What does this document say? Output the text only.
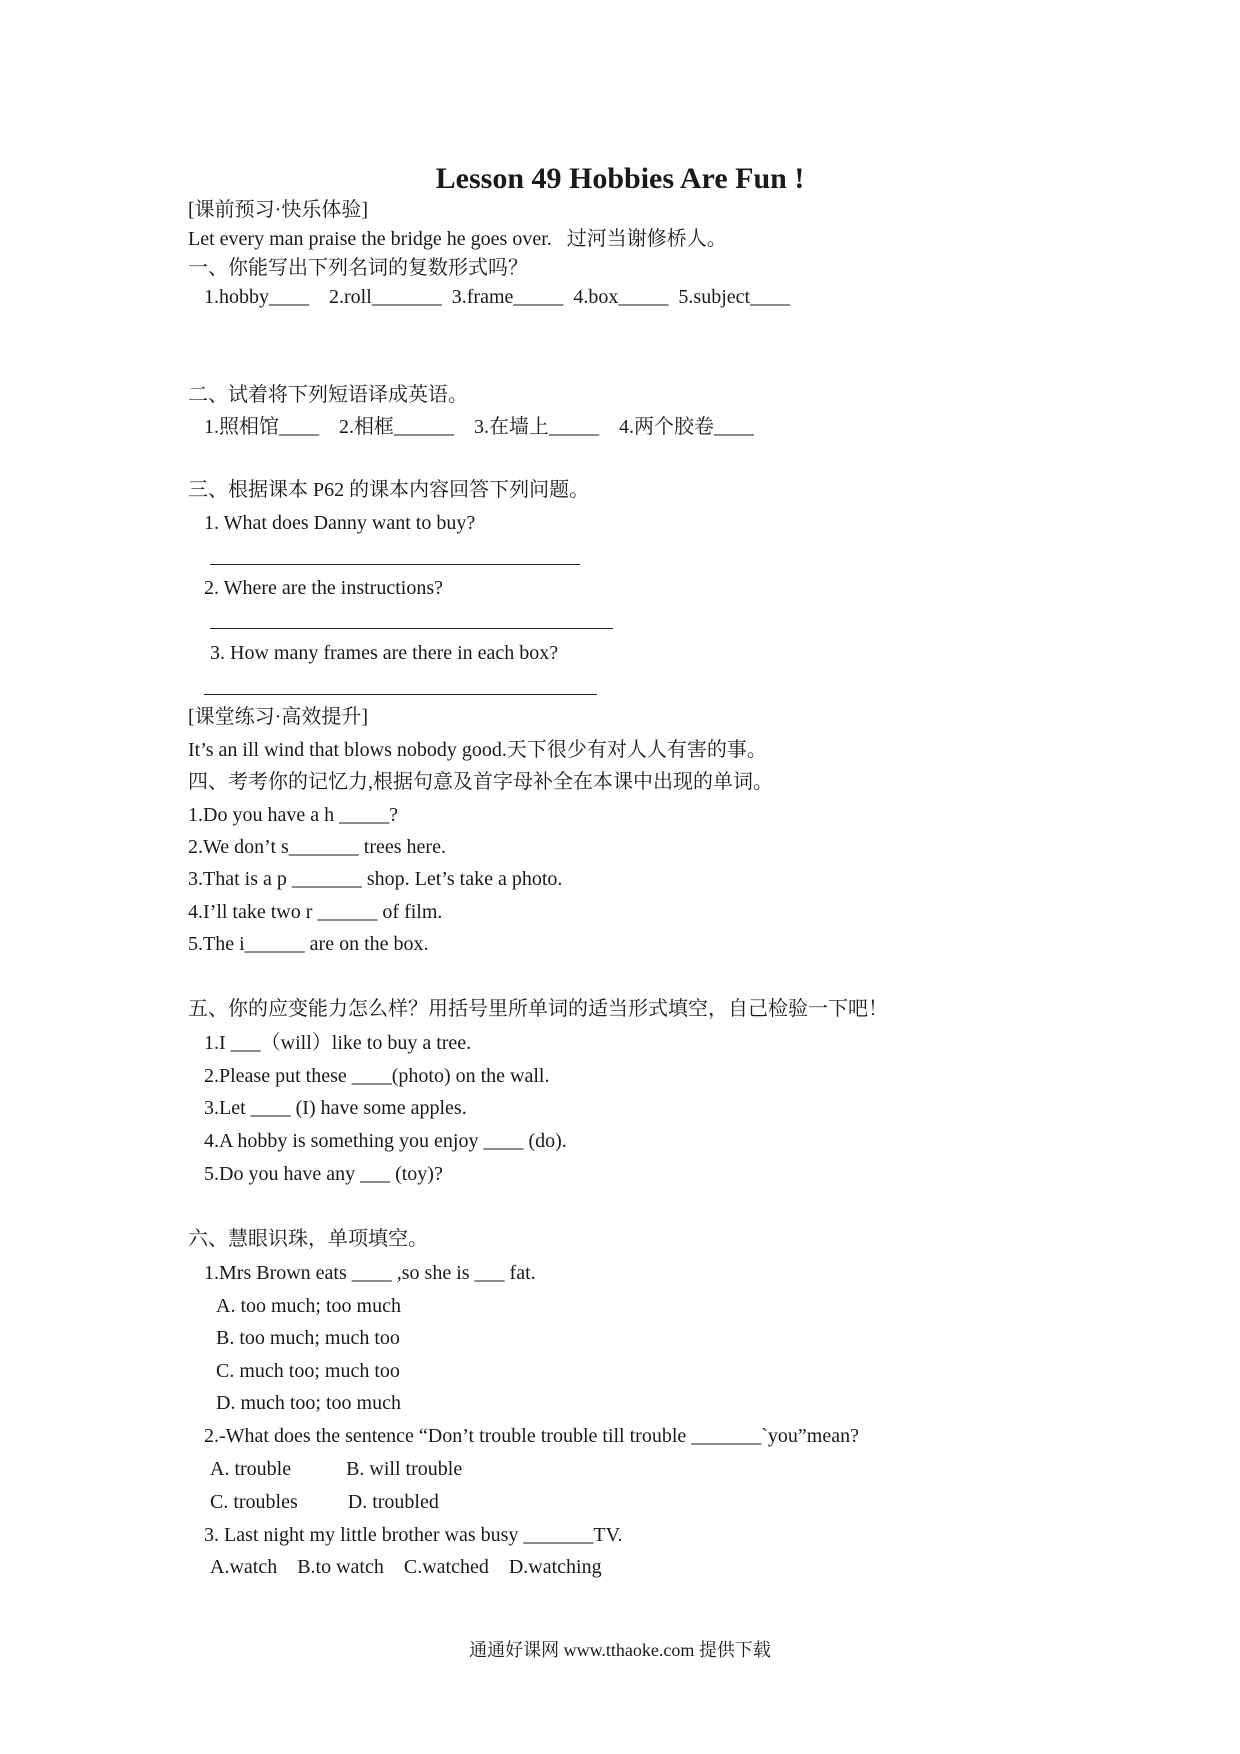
Lesson 49 Hobbies Are Fun !
[课前预习·快乐体验]
Let every man praise the bridge he goes over.   过河当谢修桥人。
一、你能写出下列名词的复数形式吗？
1.hobby____    2.roll_______  3.frame_____  4.box_____  5.subject____
二、试着将下列短语译成英语。
1.照相馆____    2.相框______    3.在墙上_____    4.两个胶卷____
三、根据课本 P62 的课本内容回答下列问题。
1. What does Danny want to buy?
2. Where are the instructions?
3. How many frames are there in each box?
[课堂练习·高效提升]
It’s an ill wind that blows nobody good.天下很少有对人人有害的事。
四、考考你的记忆力,根据句意及首字母补全在本课中出现的单词。
1.Do you have a h _____?
2.We don’t s_______ trees here.
3.That is a p _______ shop. Let’s take a photo.
4.I’ll take two r ______ of film.
5.The i______ are on the box.
五、你的应变能力怎么样？用括号里所单词的适当形式填空，自己检验一下吧！
1.I ___（will）like to buy a tree.
2.Please put these ____(photo) on the wall.
3.Let ____ (I) have some apples.
4.A hobby is something you enjoy ____ (do).
5.Do you have any ___ (toy)?
六、慧眼识珠，单项填空。
1.Mrs Brown eats ____ ,so she is ___ fat.
A. too much; too much
B. too much; much too
C. much too; much too
D. much too; too much
2.-What does the sentence “Don’t trouble trouble till trouble _______`you”mean?
A. trouble           B. will trouble
C. troubles          D. troubled
3. Last night my little brother was busy _______TV.
A.watch    B.to watch    C.watched    D.watching
通通好课网 www.tthaoke.com 提供下载
